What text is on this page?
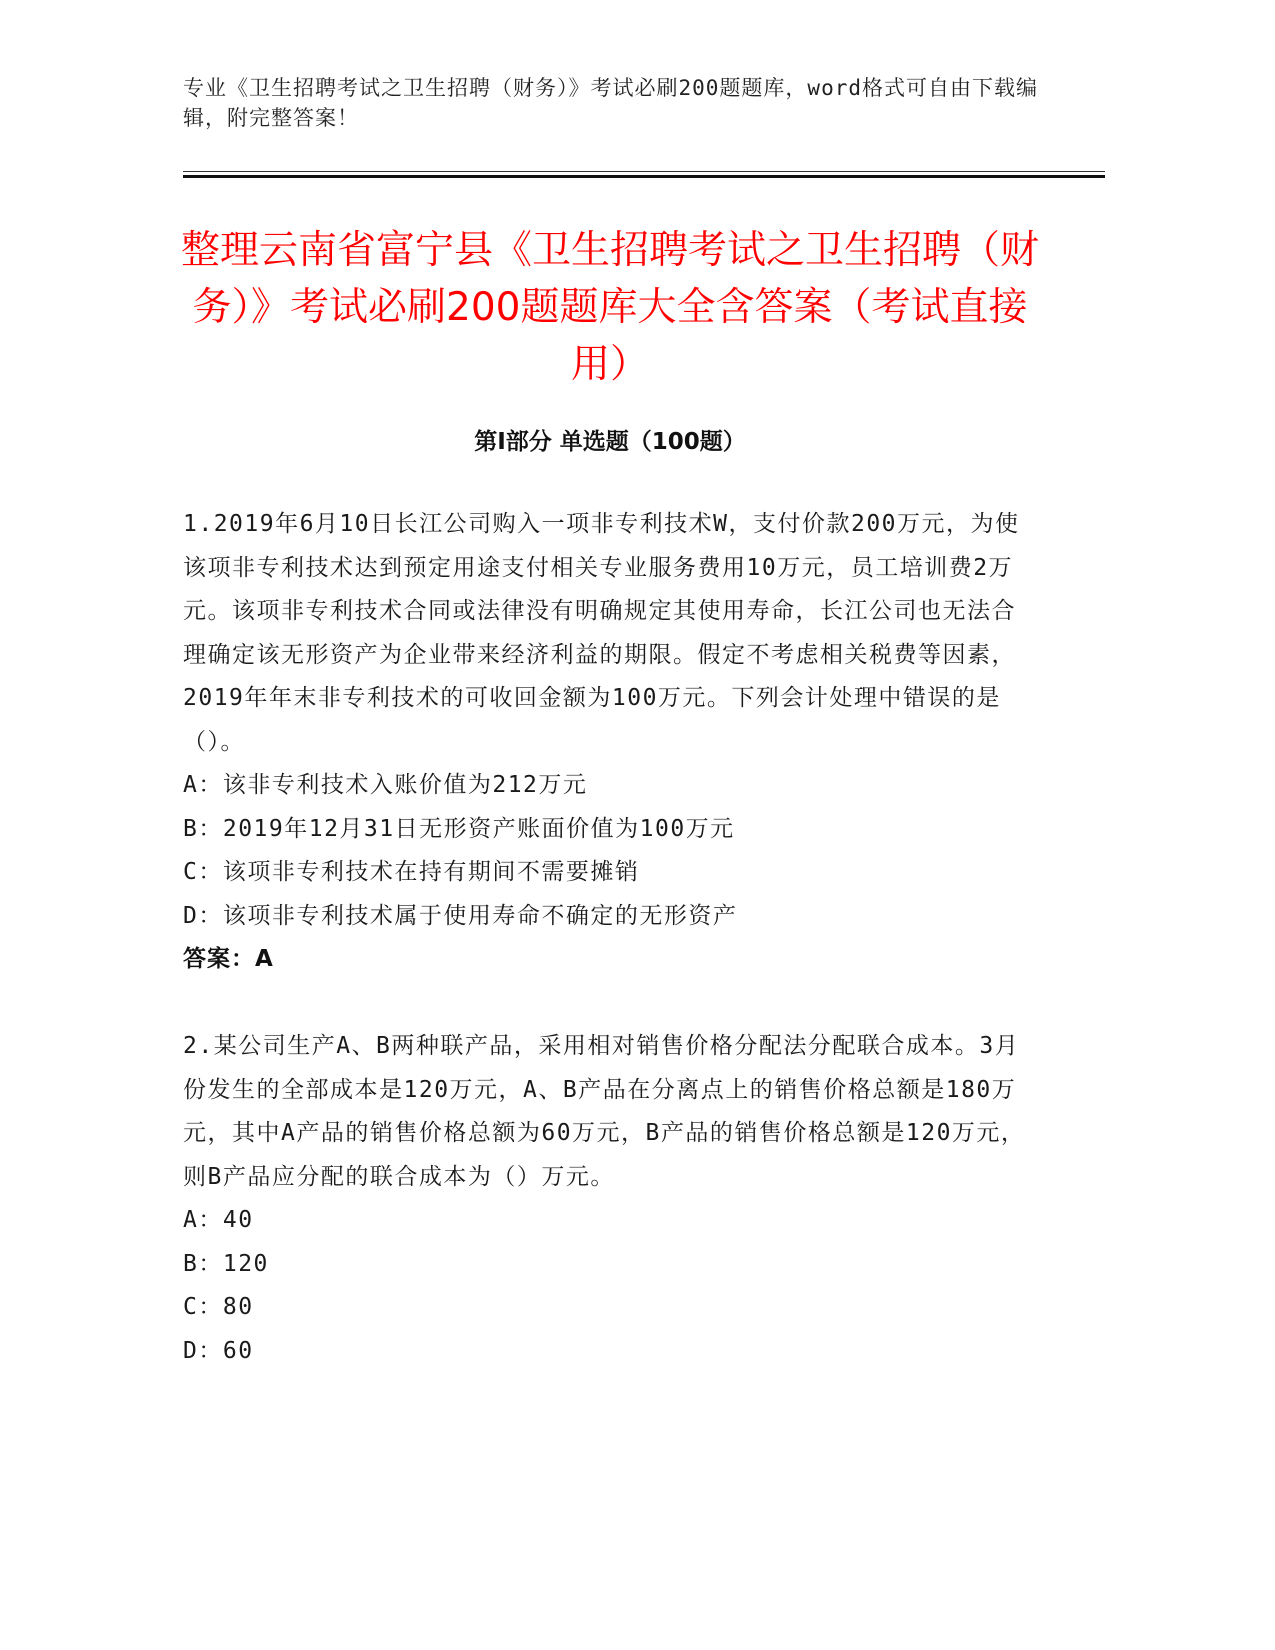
专业《卫生招聘考试之卫生招聘（财务）》考试必刷200题题库，word格式可自由下载编辑，附完整答案！
整理云南省富宁县《卫生招聘考试之卫生招聘（财务）》考试必刷200题题库大全含答案（考试直接用）
第Ⅰ部分 单选题（100题）

1.2019年6月10日长江公司购入一项非专利技术W，支付价款200万元，为使该项非专利技术达到预定用途支付相关专业服务费用10万元，员工培训费2万元。该项非专利技术合同或法律没有明确规定其使用寿命，长江公司也无法合理确定该无形资产为企业带来经济利益的期限。假定不考虑相关税费等因素，2019年年末非专利技术的可收回金额为100万元。下列会计处理中错误的是（）。

A：该非专利技术入账价值为212万元

B：2019年12月31日无形资产账面价值为100万元

C：该项非专利技术在持有期间不需要摊销

D：该项非专利技术属于使用寿命不确定的无形资产

答案：A

2.某公司生产A、B两种联产品，采用相对销售价格分配法分配联合成本。3月份发生的全部成本是120万元，A、B产品在分离点上的销售价格总额是180万元，其中A产品的销售价格总额为60万元，B产品的销售价格总额是120万元，则B产品应分配的联合成本为（）万元。

A：40

B：120

C：80

D：60
